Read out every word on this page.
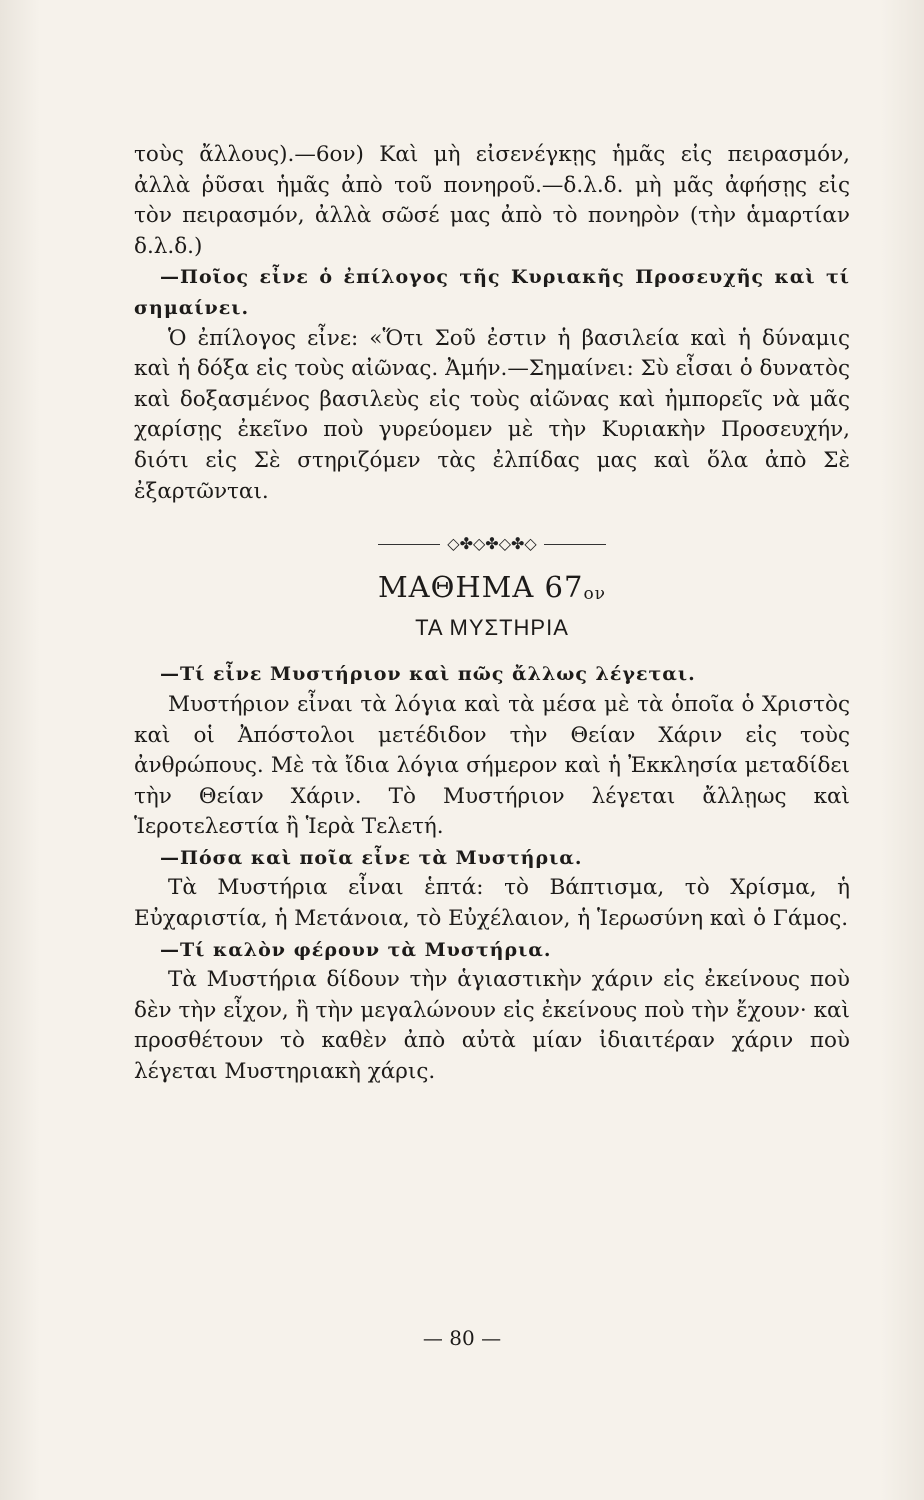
τοὺς ἄλλους).—6ον) Καὶ μὴ εἰσενέγκῃς ἡμᾶς εἰς πειρασμόν, ἀλλὰ ῥῦσαι ἡμᾶς ἀπὸ τοῦ πονηροῦ.—δ.λ.δ. μὴ μᾶς ἀφήσῃς εἰς τὸν πειρασμόν, ἀλλὰ σῶσέ μας ἀπὸ τὸ πονηρὸν (τὴν ἁμαρτίαν δ.λ.δ.)

—Ποῖος εἶνε ὁ ἐπίλογος τῆς Κυριακῆς Προσευχῆς καὶ τί σημαίνει.

Ὁ ἐπίλογος εἶνε: «Ὅτι Σοῦ ἐστιν ἡ βασιλεία καὶ ἡ δύναμις καὶ ἡ δόξα εἰς τοὺς αἰῶνας. Ἀμήν.—Σημαίνει: Σὺ εἶσαι ὁ δυνατὸς καὶ δοξασμένος βασιλεὺς εἰς τοὺς αἰῶνας καὶ ἠμπορεῖς νὰ μᾶς χαρίσῃς ἐκεῖνο ποὺ γυρεύομεν μὲ τὴν Κυριακὴν Προσευχήν, διότι εἰς Σὲ στηριζόμεν τὰς ἐλπίδας μας καὶ ὅλα ἀπὸ Σὲ ἐξαρτῶνται.

◇✤◇✤◇✤◇
ΜΑΘΗΜΑ $67^{o\nu}$
ΤΑ ΜΥΣΤΗΡΙΑ

—Τί εἶνε Μυστήριον καὶ πῶς ἄλλως λέγεται.

Μυστήριον εἶναι τὰ λόγια καὶ τὰ μέσα μὲ τὰ ὁποῖα ὁ Χριστὸς καὶ οἱ Ἀπόστολοι μετέδιδον τὴν Θείαν Χάριν εἰς τοὺς ἀνθρώπους. Μὲ τὰ ἴδια λόγια σήμερον καὶ ἡ Ἐκκλησία μεταδίδει τὴν Θείαν Χάριν. Τὸ Μυστήριον λέγεται ἄλλῃως καὶ Ἱεροτελεστία ἢ Ἱερὰ Τελετή.

—Πόσα καὶ ποῖα εἶνε τὰ Μυστήρια.

Τὰ Μυστήρια εἶναι ἑπτά: τὸ Βάπτισμα, τὸ Χρίσμα, ἡ Εὐχαριστία, ἡ Μετάνοια, τὸ Εὐχέλαιον, ἡ Ἱερωσύνη καὶ ὁ Γάμος.

—Τί καλὸν φέρουν τὰ Μυστήρια.

Τὰ Μυστήρια δίδουν τὴν ἁγιαστικὴν χάριν εἰς ἐκείνους ποὺ δὲν τὴν εἶχον, ἢ τὴν μεγαλώνουν εἰς ἐκείνους ποὺ τὴν ἔχουν· καὶ προσθέτουν τὸ καθὲν ἀπὸ αὐτὰ μίαν ἰδιαιτέραν χάριν ποὺ λέγεται Μυστηριακὴ χάρις.

— 80 —
